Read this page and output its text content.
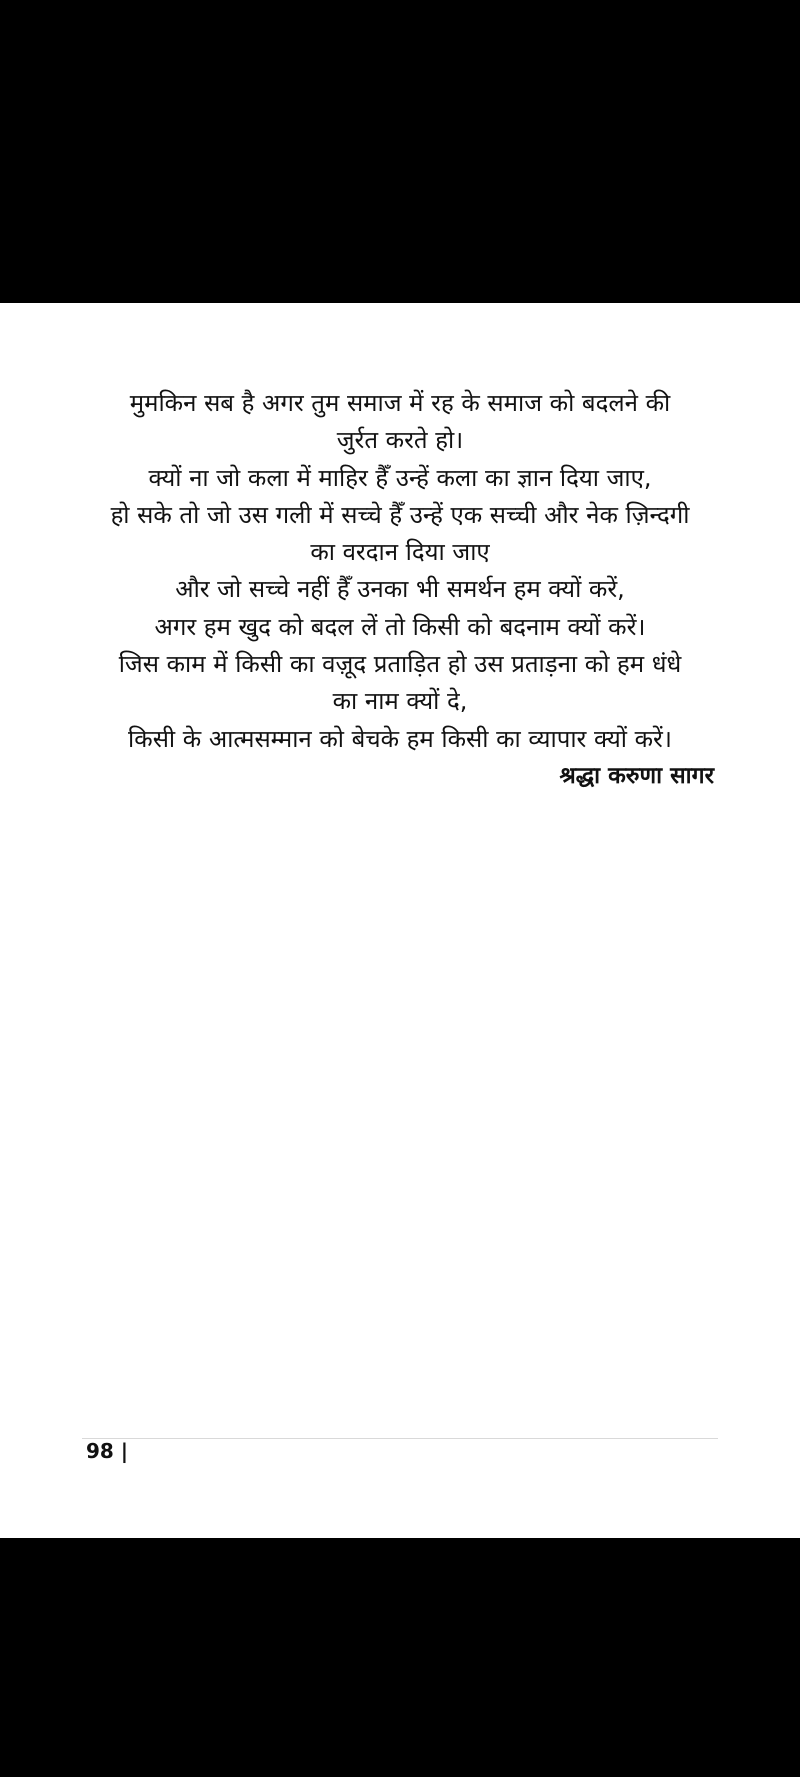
मुमकिन सब है अगर तुम समाज में रह के समाज को बदलने की
जुर्रत करते हो।
क्यों ना जो कला में माहिर हैँ उन्हें कला का ज्ञान दिया जाए,
हो सके तो जो उस गली में सच्चे हैँ उन्हें एक सच्ची और नेक ज़िन्दगी
का वरदान दिया जाए
और जो सच्चे नहीं हैँ उनका भी समर्थन हम क्यों करें,
अगर हम खुद को बदल लें तो किसी को बदनाम क्यों करें।
जिस काम में किसी का वज़ूद प्रताड़ित हो उस प्रताड़ना को हम धंधे
का नाम क्यों दे,
किसी के आत्मसम्मान को बेचके हम किसी का व्यापार क्यों करें।
श्रद्धा करुणा सागर
98 |
